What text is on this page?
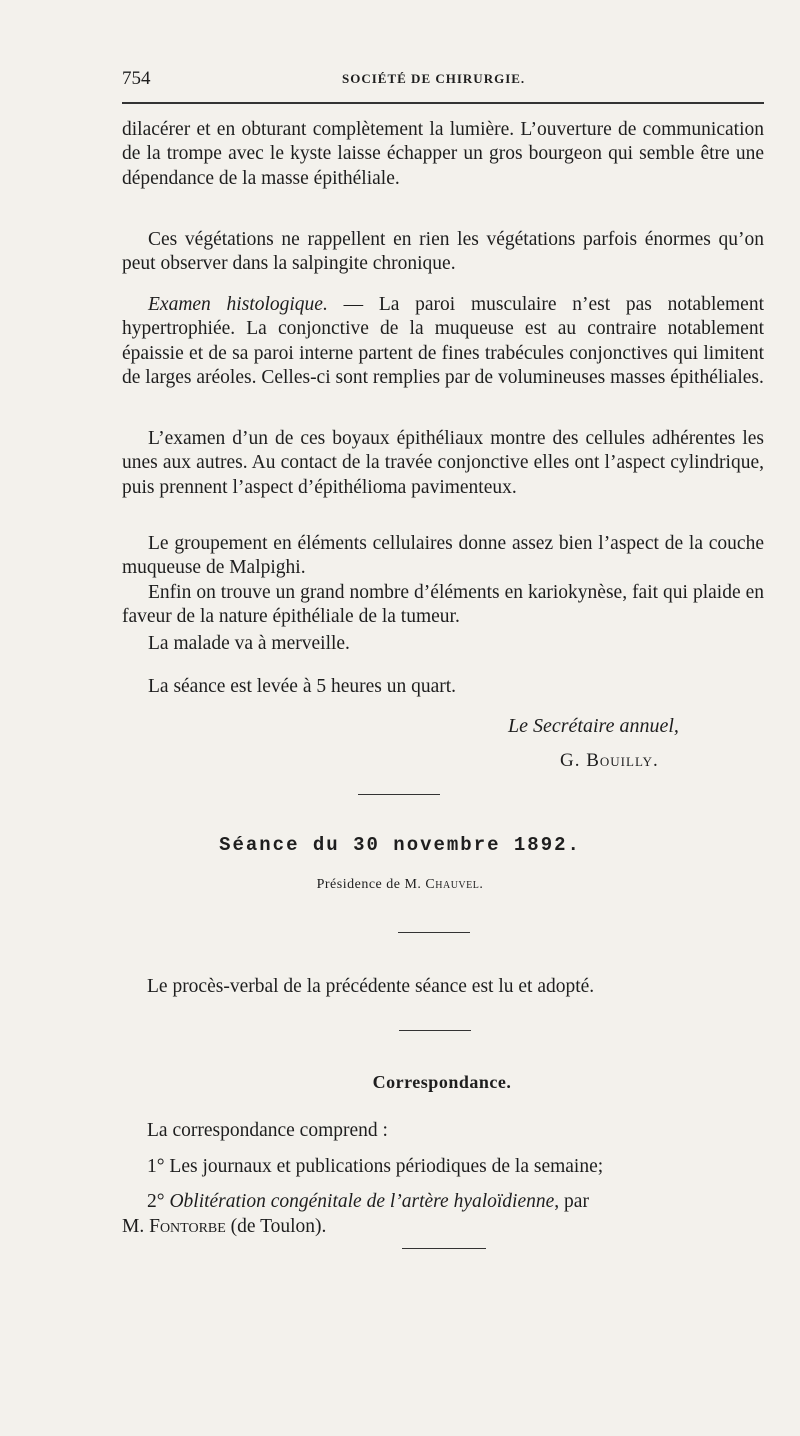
754	SOCIÉTÉ DE CHIRURGIE.

dilacérer et en obturant complètement la lumière. L’ouverture de communication de la trompe avec le kyste laisse échapper un gros bourgeon qui semble être une dépendance de la masse épithéliale.

Ces végétations ne rappellent en rien les végétations parfois énormes qu’on peut observer dans la salpingite chronique.

Examen histologique. — La paroi musculaire n’est pas notablement hypertrophiée. La conjonctive de la muqueuse est au contraire notablement épaissie et de sa paroi interne partent de fines trabécules conjonctives qui limitent de larges aréoles. Celles-ci sont remplies par de volumineuses masses épithéliales.

L’examen d’un de ces boyaux épithéliaux montre des cellules adhérentes les unes aux autres. Au contact de la travée conjonctive elles ont l’aspect cylindrique, puis prennent l’aspect d’épithélioma pavimenteux.

Le groupement en éléments cellulaires donne assez bien l’aspect de la couche muqueuse de Malpighi.

Enfin on trouve un grand nombre d’éléments en kariokynèse, fait qui plaide en faveur de la nature épithéliale de la tumeur.

La malade va à merveille.

La séance est levée à 5 heures un quart.

Le Secrétaire annuel,
G. Bouilly.
Séance du 30 novembre 1892.
Présidence de M. Chauvel.
Le procès-verbal de la précédente séance est lu et adopté.
Correspondance.
La correspondance comprend :
1° Les journaux et publications périodiques de la semaine;
2° Oblitération congénitale de l’artère hyaloïdienne, par
M. Fontorbe (de Toulon).
